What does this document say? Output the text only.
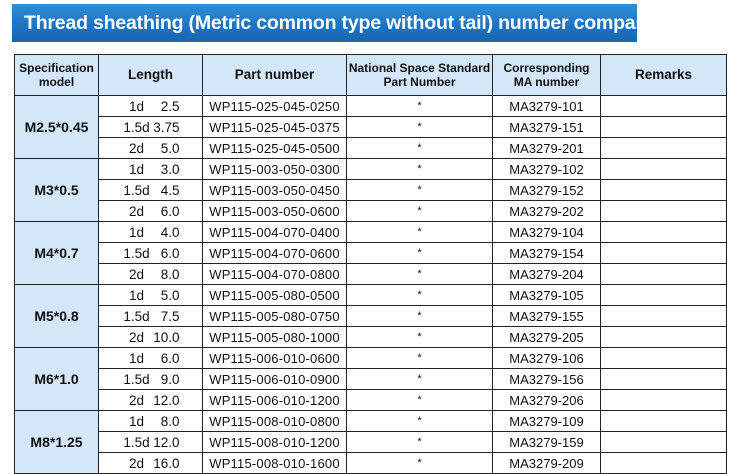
Thread sheathing (Metric common type without tail) number comparison table:
Specification model	Length	Part number	National Space Standard Part Number	Corresponding MA number	Remarks
M2.5*0.45	1d 2.5	WP115-025-045-0250	*	MA3279-101	
	1.5d 3.75	WP115-025-045-0375	*	MA3279-151	
	2d 5.0	WP115-025-045-0500	*	MA3279-201	
M3*0.5	1d 3.0	WP115-003-050-0300	*	MA3279-102	
	1.5d 4.5	WP115-003-050-0450	*	MA3279-152	
	2d 6.0	WP115-003-050-0600	*	MA3279-202	
M4*0.7	1d 4.0	WP115-004-070-0400	*	MA3279-104	
	1.5d 6.0	WP115-004-070-0600	*	MA3279-154	
	2d 8.0	WP115-004-070-0800	*	MA3279-204	
M5*0.8	1d 5.0	WP115-005-080-0500	*	MA3279-105	
	1.5d 7.5	WP115-005-080-0750	*	MA3279-155	
	2d 10.0	WP115-005-080-1000	*	MA3279-205	
M6*1.0	1d 6.0	WP115-006-010-0600	*	MA3279-106	
	1.5d 9.0	WP115-006-010-0900	*	MA3279-156	
	2d 12.0	WP115-006-010-1200	*	MA3279-206	
M8*1.25	1d 8.0	WP115-008-010-0800	*	MA3279-109	
	1.5d 12.0	WP115-008-010-1200	*	MA3279-159	
	2d 16.0	WP115-008-010-1600	*	MA3279-209	
